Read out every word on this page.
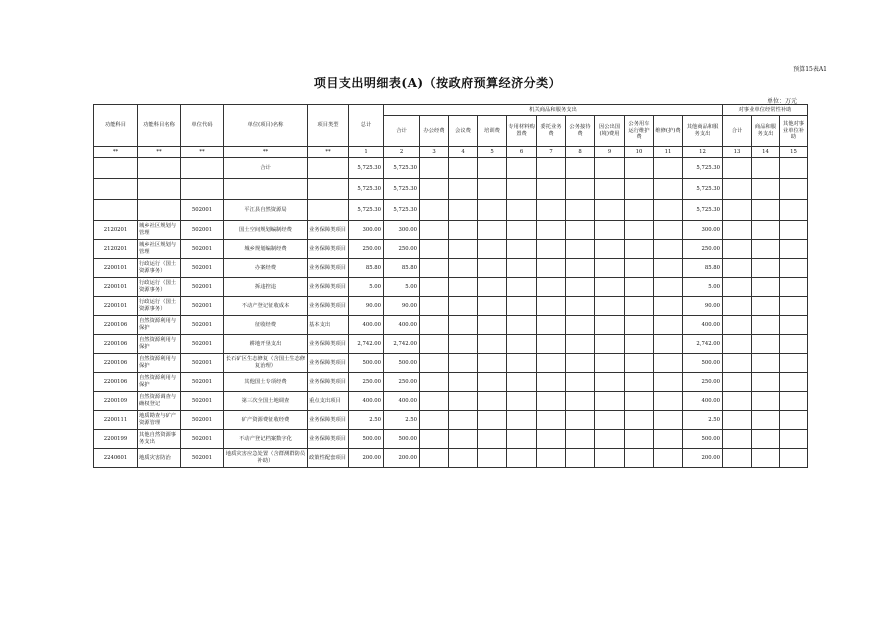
预算15表A1
项目支出明细表(A)（按政府预算经济分类）
单位：万元
功能科目	功能科目名称	单位代码	单位(项目)名称	项目类型	总计	机关商品和服务支出											对事业单位经常性补助		
						合计	办公经费	会议费	培训费	专用材料购置费	委托业务费	公务接待费	因公出国(境)费用	公务用车运行维护费	维修(护)费	其他商品和服务支出	合计	商品和服务支出	其他对事业单位补助
**	**	**	**	**	1	2	3	4	5	6	7	8	9	10	11	12	13	14	15
			合计		5,725.30	5,725.30										5,725.30			
					5,725.30	5,725.30										5,725.30			
		502001	平江县自然资源局		5,725.30	5,725.30										5,725.30			
2120201	城乡社区规划与管理	502001	国土空间规划编制经费	业务保障类项目	300.00	300.00										300.00			
2120201	城乡社区规划与管理	502001	城乡规划编制经费	业务保障类项目	250.00	250.00										250.00			
2200101	行政运行（国土资源事务）	502001	办案经费	业务保障类项目	85.80	85.80										85.80			
2200101	行政运行（国土资源事务）	502001	拆违控违	业务保障类项目	5.00	5.00										5.00			
2200101	行政运行（国土资源事务）	502001	不动产登记征收成本	业务保障类项目	90.00	90.00										90.00			
2200106	自然资源利用与保护	502001	征收经费	基本支出	400.00	400.00										400.00			
2200106	自然资源利用与保护	502001	耕地开垦支出	业务保障类项目	2,742.00	2,742.00										2,742.00			
2200106	自然资源利用与保护	502001	长石矿区生态修复（含国土生态修复治理）	业务保障类项目	500.00	500.00										500.00			
2200106	自然资源利用与保护	502001	其他国土专项经费	业务保障类项目	250.00	250.00										250.00			
2200109	自然资源调查与确权登记	502001	第三次全国土地调查	重点支出项目	400.00	400.00										400.00			
2200111	地质勘查与矿产资源管理	502001	矿产资源费征收经费	业务保障类项目	2.50	2.50										2.50			
2200199	其他自然资源事务支出	502001	不动产登记档案数字化	业务保障类项目	500.00	500.00										500.00			
2240601	地质灾害防治	502001	地质灾害应急处置（含群测群防员补助）	政策性配套项目	200.00	200.00										200.00			
